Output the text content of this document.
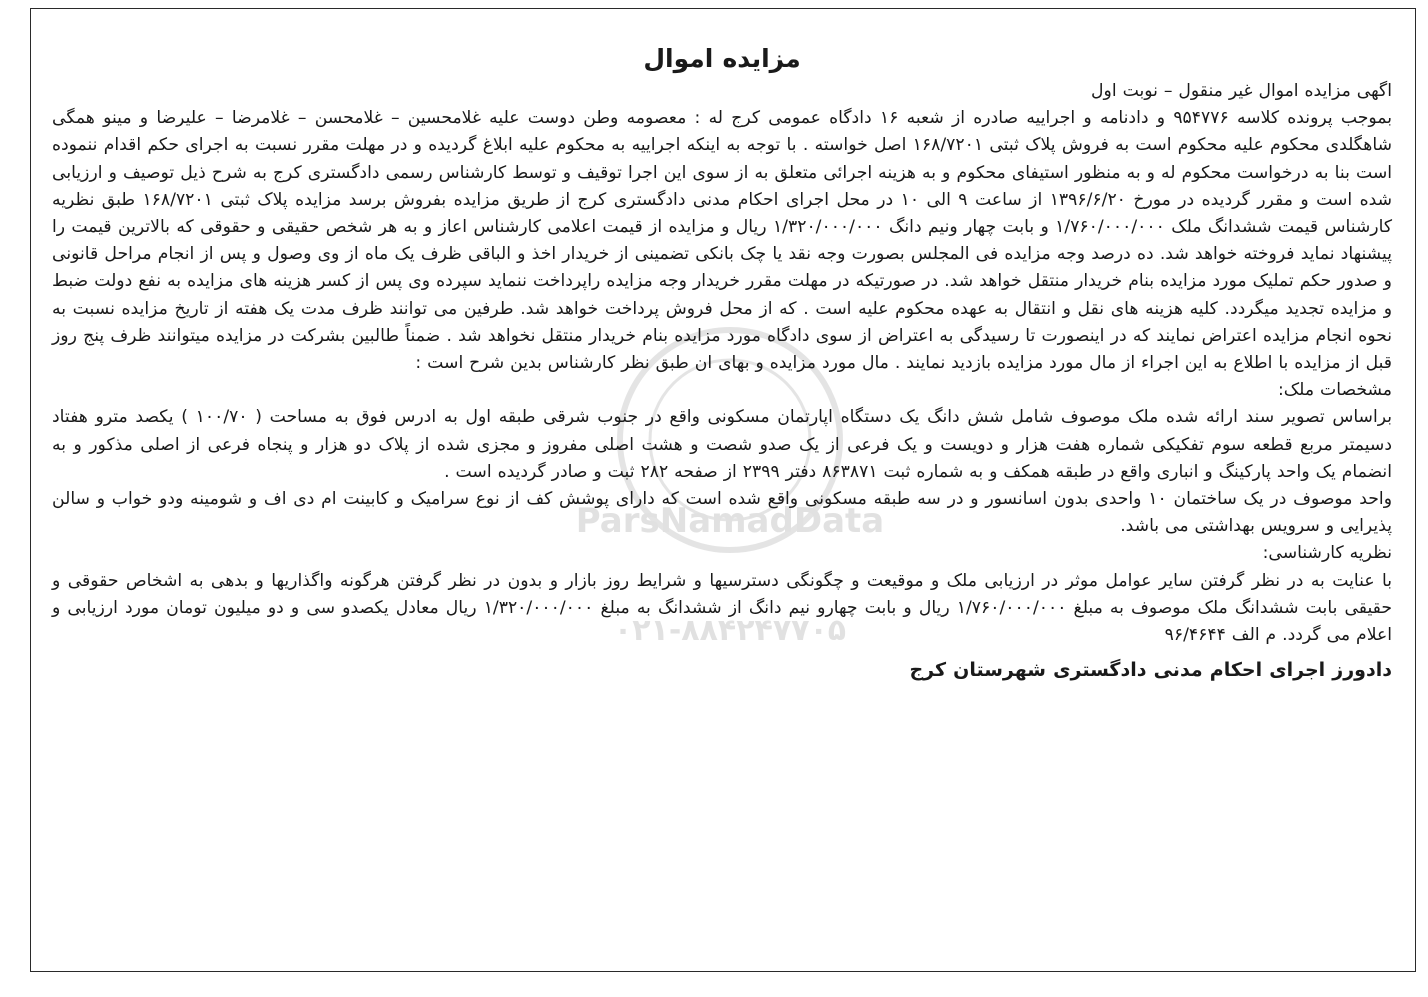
ParsNamadData
۰۲۱-۸۸۴۲۴۷۷۰۵
مزایده اموال

اگهی مزایده اموال غیر منقول – نوبت اول

بموجب پرونده کلاسه ۹۵۴۷۷۶ و دادنامه و اجراییه صادره از شعبه ۱۶ دادگاه عمومی کرج له : معصومه وطن دوست علیه غلامحسین – غلامحسن – غلامرضا – علیرضا و مینو همگی شاهگلدی محکوم علیه محکوم است به فروش پلاک ثبتی ۱۶۸/۷۲۰۱ اصل خواسته . با توجه به اینکه اجراییه به محکوم علیه ابلاغ گردیده و در مهلت مقرر نسبت به اجرای حکم اقدام ننموده است بنا به درخواست محکوم له و به منظور استیفای محکوم و به هزینه اجرائی متعلق به از سوی این اجرا توقیف و توسط کارشناس رسمی دادگستری کرج به شرح ذیل توصیف و ارزیابی شده است و مقرر گردیده در مورخ ۱۳۹۶/۶/۲۰ از ساعت ۹ الی ۱۰ در محل اجرای احکام مدنی دادگستری کرج از طریق مزایده بفروش برسد مزایده پلاک ثبتی ۱۶۸/۷۲۰۱ طبق نظریه کارشناس قیمت ششدانگ ملک ۱/۷۶۰/۰۰۰/۰۰۰ و بابت چهار ونیم دانگ ۱/۳۲۰/۰۰۰/۰۰۰ ریال و مزایده از قیمت اعلامی کارشناس اعاز و به هر شخص حقیقی و حقوقی که بالاترین قیمت را پیشنهاد نماید فروخته خواهد شد. ده درصد وجه مزایده فی المجلس بصورت وجه نقد یا چک بانکی تضمینی از خریدار اخذ و الباقی ظرف یک ماه از وی وصول و پس از انجام مراحل قانونی و صدور حکم تملیک مورد مزایده بنام خریدار منتقل خواهد شد. در صورتیکه در مهلت مقرر خریدار وجه مزایده راپرداخت ننماید سپرده وی پس از کسر هزینه های مزایده به نفع دولت ضبط و مزایده تجدید میگردد. کلیه هزینه های نقل و انتقال به عهده محکوم علیه است . که از محل فروش پرداخت خواهد شد. طرفین می توانند ظرف مدت یک هفته از تاریخ مزایده نسبت به نحوه انجام مزایده اعتراض نمایند که در اینصورت تا رسیدگی به اعتراض از سوی دادگاه مورد مزایده بنام خریدار منتقل نخواهد شد . ضمناً طالبین بشرکت در مزایده میتوانند ظرف پنج روز قبل از مزایده با اطلاع به این اجراء از مال مورد مزایده بازدید نمایند . مال مورد مزایده و بهای ان طبق نظر کارشناس بدین شرح است :

مشخصات ملک:

براساس تصویر سند ارائه شده ملک موصوف شامل شش دانگ یک دستگاه اپارتمان مسکونی واقع در جنوب شرقی طبقه اول به ادرس فوق به مساحت ( ۱۰۰/۷۰ ) یکصد مترو هفتاد دسیمتر مربع قطعه سوم تفکیکی شماره هفت هزار و دویست و یک فرعی از یک صدو شصت و هشت اصلی مفروز و مجزی شده از پلاک دو هزار و پنجاه فرعی از اصلی مذکور و به انضمام یک واحد پارکینگ و انباری واقع در طبقه همکف و به شماره ثبت ۸۶۳۸۷۱ دفتر ۲۳۹۹ از صفحه ۲۸۲ ثبت و صادر گردیده است .

واحد موصوف در یک ساختمان ۱۰ واحدی بدون اسانسور و در سه طبقه مسکونی واقع شده است که دارای پوشش کف از نوع سرامیک و کابینت ام دی اف و شومینه ودو خواب و سالن پذیرایی و سرویس بهداشتی می باشد.

نظریه کارشناسی:

با عنایت به در نظر گرفتن سایر عوامل موثر در ارزیابی ملک و موقیعت و چگونگی دسترسیها و شرایط روز بازار و بدون در نظر گرفتن هرگونه واگذاریها و بدهی به اشخاص حقوقی و حقیقی بابت ششدانگ ملک موصوف به مبلغ ۱/۷۶۰/۰۰۰/۰۰۰ ریال و بابت چهارو نیم دانگ از ششدانگ به مبلغ ۱/۳۲۰/۰۰۰/۰۰۰ ریال معادل یکصدو سی و دو میلیون تومان مورد ارزیابی و اعلام می گردد. م الف ۹۶/۴۶۴۴

دادورز اجرای احکام مدنی دادگستری شهرستان کرج
